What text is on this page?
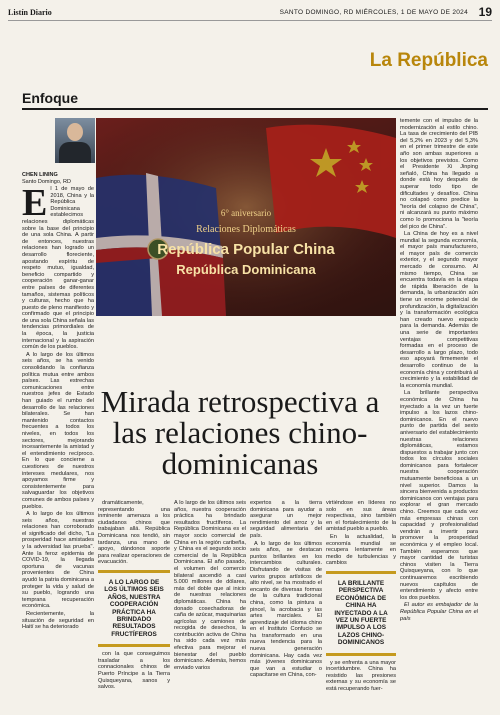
Listín Diario	SANTO DOMINGO, RD MIÉRCOLES, 1 DE MAYO DE 2024 19
La República
Enfoque
CHEN LINING
Santo Domingo, RD
E l 1 de mayo de 2018, China y la República Dominicana establecimos relaciones diplomáticas sobre la base del principio de una sola China. A partir de entonces, nuestras relaciones han logrado un desarrollo floreciente, apostando espíritu de respeto mutuo, igualdad, beneficio compartido y cooperación ganar-ganar entre países de diferentes tamaños, sistemas políticos y culturas, hecho que ha puesto de pleno manifiesto y confirmado que el principio de una sola China señala las tendencias primordiales de la época, la justicia internacional y la aspiración común de los pueblos.

A lo largo de los últimos seis años, se ha venido consolidando la confianza política mutua entre ambos países. Las estrechas comunicaciones entre nuestros jefes de Estado han guiado el rumbo del desarrollo de las relaciones bilaterales. Se han mantenido contactos frecuentes a todos los niveles, en todos los sectores, mejorando incesantemente la amistad y el entendimiento recíproco. En lo que concierne a cuestiones de nuestros intereses medulares, nos apoyamos firme y consistentemente para salvaguardar los objetivos comunes de ambos países y pueblos.

A lo largo de los últimos seis años, nuestras relaciones han corroborado el significado del dicho, "La prosperidad hace amistades y la adversidad las prueba". Ante la feroz epidemia de COVID-19, la llegada oportuna de vacunas provenientes de China ayudó la patria dominicana a proteger la vida y salud de su pueblo, logrando una temprana recuperación económica.

Recientemente, la situación de seguridad en Haití se ha deteriorado

6° aniversario
Relaciones Diplomáticas
República Popular China
República Dominicana

temente con el impulso de la modernización al estilo chino. La tasa de crecimiento del PIB del 5,2% en 2023 y del 5,3% en el primer trimestre de este año son ambas superiores a los objetivos previstos. Como el Presidente Xi Jinping señaló, China ha llegado a donde está hoy después de superar todo tipo de dificultades y desafíos. China no colapsó como predice la "teoría del colapso de China", ni alcanzará su punto máximo como lo promociona la "teoría del pico de China".

La China de hoy es a nivel mundial la segunda economía, el mayor país manufacturero, el mayor país de comercio exterior, y el segundo mayor mercado de consumo. Al mismo tiempo, China se encuentra todavía en la etapa de rápida liberación de la demanda, la urbanización aún tiene un enorme potencial de profundización, la digitalización y la transformación ecológica han creado nuevo espacio para la demanda. Además de una serie de importantes ventajas competitivas formadas en el proceso de desarrollo a largo plazo, todo eso apoyará firmemente el desarrollo continuo de la economía china y contribuirá al crecimiento y la estabilidad de la economía mundial.

La brillante perspectiva económica de China ha inyectado a la vez un fuerte impulso a los lazos chino-dominicanos. En el nuevo punto de partida del sexto aniversario del establecimiento nuestras relaciones diplomáticas, estamos dispuestos a trabajar junto con todos los círculos sociales dominicanos para fortalecer nuestra cooperación mutuamente beneficiosa a un nivel superior. Damos la sincera bienvenida a productos dominicanos con ventajas para explorar el gran mercado chino. Creemos que cada vez más empresas chinas con capacidad y profesionalidad vendrán a invertir para promover la prosperidad económica y el empleo local. También esperamos que mayor cantidad de turistas chinos visiten la Tierra Quisqueyana, con lo que continuaremos escribiendo nuevos capítulos de entendimiento y afecto entre los dos pueblos.

El autor es embajador de la República Popular China en el país

Mirada retrospectiva a las relaciones chino-dominicanas

dramáticamente, representando una inminente amenaza a los ciudadanos chinos que trabajaban allá. República Dominicana nos tendió, sin tardanza, una mano de apoyo, dándonos soporte para realizar operaciones de evacuación.

A LO LARGO DE LOS ÚLTIMOS SEIS AÑOS, NUESTRA COOPERACIÓN PRÁCTICA HA BRINDADO RESULTADOS FRUCTÍFEROS

con la que conseguimos trasladar a los connacionales chinos de Puerto Príncipe a la Tierra Quisqueyana, sanos y salvos.

A lo largo de los últimos seis años, nuestra cooperación práctica ha brindado resultados fructíferos. La República Dominicana es el mayor socio comercial de China en la región caribeña, y China es el segundo socio comercial de la República Dominicana. El año pasado, el volumen del comercio bilateral ascendió a casi 5.000 millones de dólares, más del doble que al inicio de nuestras relaciones diplomáticas. China ha donado cosechadoras de caña de azúcar, maquinarias agrícolas y camiones de recogida de desechos, la contribución activa de China ha sido cada vez más efectiva para mejorar el bienestar del pueblo dominicano. Además, hemos enviado varios

expertos a la tierra dominicana para ayudar a asegurar un mejor rendimiento del arroz y la seguridad alimentaria del país.

A lo largo de los últimos seis años, se destacan puntos brillantes en los intercambios culturales. Disfrutando de visitas de varios grupos artísticos de alto nivel, se ha mostrado el encanto de diversas formas de la cultura tradicional china, como la pintura a pincel, la acrobacia y las artes marciales. El aprendizaje del idioma chino en el Instituto Confucio se ha transformado en una nueva tendencia para la nueva generación dominicana. Hay cada vez más jóvenes dominicanos que van a estudiar o capacitarse en China, con-

virtiéndose en líderes no solo en sus áreas respectivas, sino también en el fortalecimiento de la amistad pueblo a pueblo.

En la actualidad, la economía mundial se recupera lentamente en medio de turbulencias y cambios

LA BRILLANTE PERSPECTIVA ECONÓMICA DE CHINA HA INYECTADO A LA VEZ UN FUERTE IMPULSO A LOS LAZOS CHINO-DOMINICANOS

y se enfrenta a una mayor incertidumbre. China ha resistido las presiones externas y su economía se está recuperando fuer-
